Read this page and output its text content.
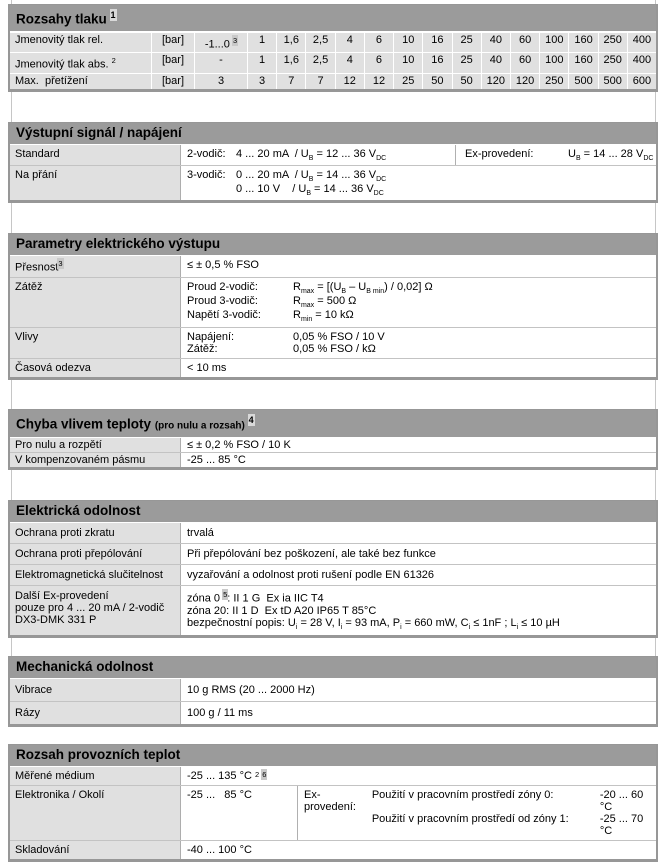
Rozsahy tlaku $^1$
Jmenovitý tlak rel.	[bar]	-1...0 $^3$	1	1,6	2,5	4	6	10	16	25	40	60	100 160 250 400
Jmenovitý tlak abs. $^2$	[bar]	-	1	1,6	2,5	4	6	10	16	25	40	60	100 160 250 400
Max.  přetížení	[bar]	3	3	7	7	12	12	25	50	50	120 120 250 500 500 600
Výstupní signál / napájení
Standard	2-vodič: 4 ... 20 mA  / $U_B = 12$ ... 36 $V_{DC}$	Ex-provedení:	$U_B = 14$ ... 28 $V_{DC}$
Na přání	3-vodič: 0 ... 20 mA  / $U_B = 14$ ... 36 $V_{DC}$
0 ... 10 V    / $U_B = 14$ ... 36 $V_{DC}$
Parametry elektrického výstupu
Přesnost$^3$	≤ ± 0,5 % FSO
Zátěž	Proud 2-vodič:	$R_{max} = [(U_B - U_{B min}) / 0,02]$ Ω
Proud 3-vodič:	$R_{max} = 500$ Ω
Napětí 3-vodič:	$R_{min} = 10$ kΩ
Vlivy	Napájení:	0,05 % FSO / 10 V
Zátěž:	0,05 % FSO / kΩ
Časová odezva	< 10 ms
Chyba vlivem teploty (pro nulu a rozsah) $^4$
Pro nulu a rozpětí	≤ ± 0,2 % FSO / 10 K
V kompenzovaném pásmu	-25 ... 85 °C
Elektrická odolnost
Ochrana proti zkratu	trvalá
Ochrana proti přepólování	Při přepólování bez poškození, ale také bez funkce
Elektromagnetická slučitelnost	vyzařování a odolnost proti rušení podle EN 61326
Další Ex-provedení
pouze pro 4 ... 20 mA / 2-vodič
DX3-DMK 331 P
zóna 0 $^5$: II 1 G  Ex ia IIC T4
zóna 20: II 1 D  Ex tD A20 IP65 T 85°C
bezpečnostní popis: $U_i = 28$ V, $I_i = 93$ mA, $P_i = 660$ mW, $C_i \le 1nF$ ; $L_i \le 10$ µH
Mechanická odolnost
Vibrace	10 g RMS (20 ... 2000 Hz)
Rázy	100 g / 11 ms
Rozsah provozních teplot
Měřené médium	-25 ... 135 °C 2
6
Elektronika / Okolí	-25 ...   85 °C	Ex-provedení:
Použití v pracovním prostředí zóny 0:	-20 ... 60 °C
Použití v pracovním prostředí od zóny 1:	-25 ... 70 °C
Skladování	-40 ... 100 °C
